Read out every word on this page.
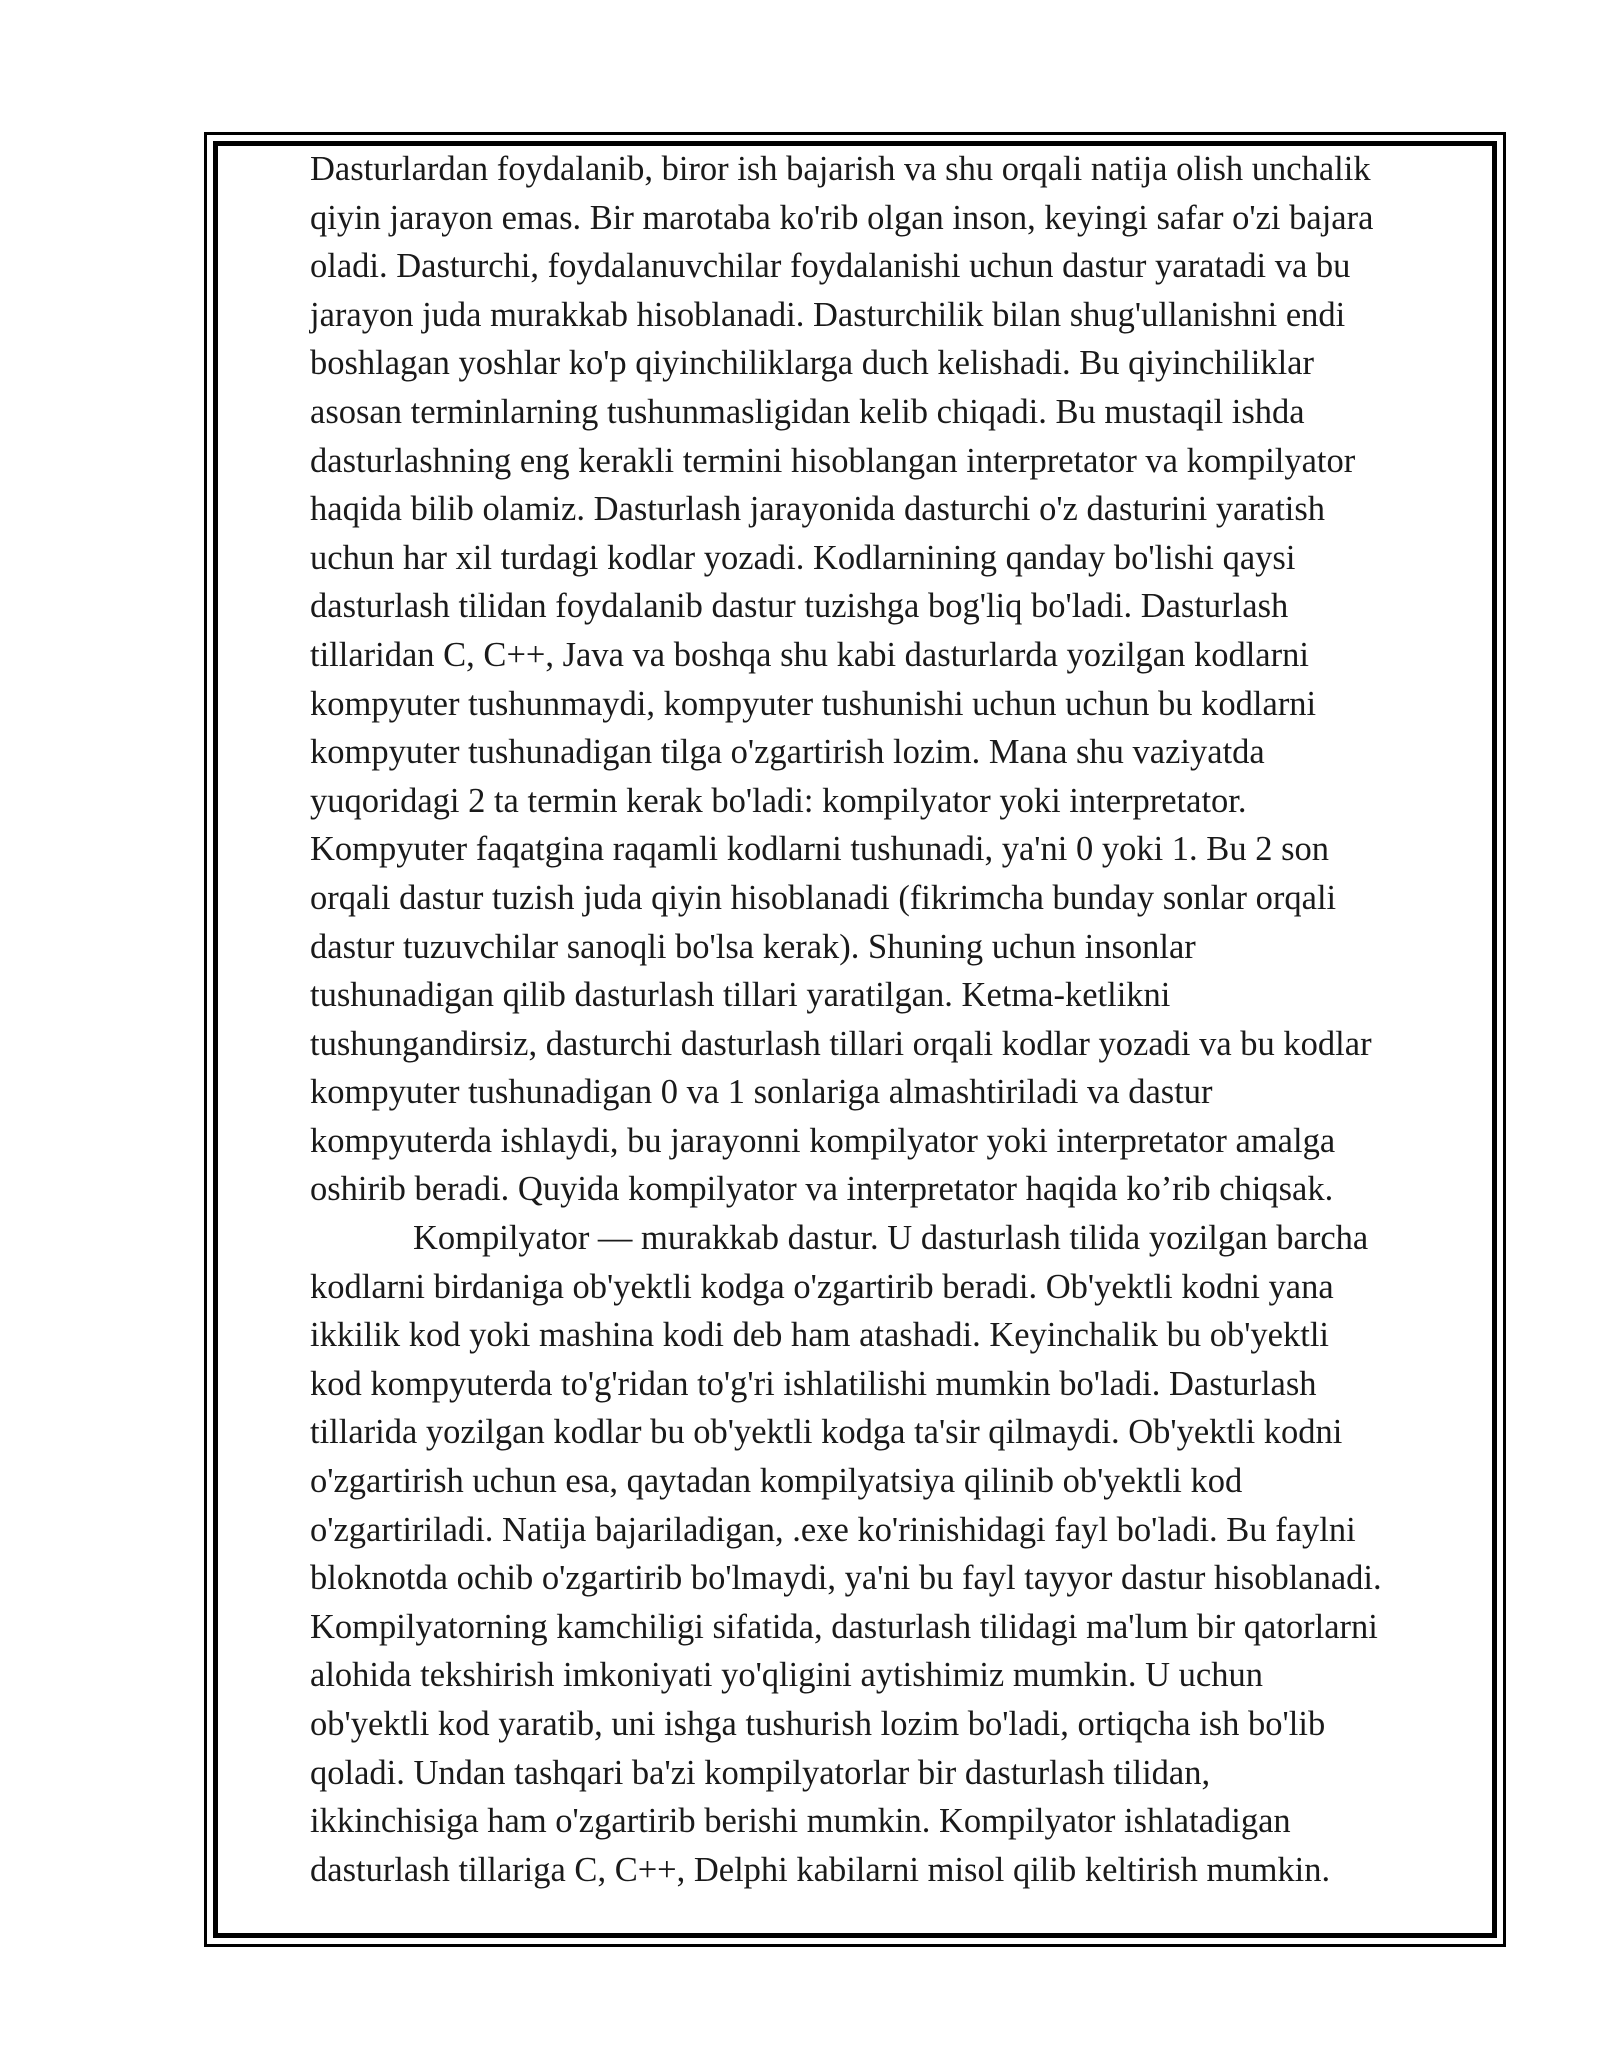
Dasturlardan foydalanib, biror ish bajarish va shu orqali natija olish unchalik
qiyin jarayon emas. Bir marotaba ko'rib olgan inson, keyingi safar o'zi bajara
oladi. Dasturchi, foydalanuvchilar foydalanishi uchun dastur yaratadi va bu
jarayon juda murakkab hisoblanadi. Dasturchilik bilan shug'ullanishni endi
boshlagan yoshlar ko'p qiyinchiliklarga duch kelishadi. Bu qiyinchiliklar
asosan terminlarning tushunmasligidan kelib chiqadi. Bu mustaqil ishda
dasturlashning eng kerakli termini hisoblangan interpretator va kompilyator
haqida bilib olamiz. Dasturlash jarayonida dasturchi o'z dasturini yaratish
uchun har xil turdagi kodlar yozadi. Kodlarnining qanday bo'lishi qaysi
dasturlash tilidan foydalanib dastur tuzishga bog'liq bo'ladi. Dasturlash
tillaridan C, C++, Java va boshqa shu kabi dasturlarda yozilgan kodlarni
kompyuter tushunmaydi, kompyuter tushunishi uchun uchun bu kodlarni
kompyuter tushunadigan tilga o'zgartirish lozim. Mana shu vaziyatda
yuqoridagi 2 ta termin kerak bo'ladi: kompilyator yoki interpretator.
Kompyuter faqatgina raqamli kodlarni tushunadi, ya'ni 0 yoki 1. Bu 2 son
orqali dastur tuzish juda qiyin hisoblanadi (fikrimcha bunday sonlar orqali
dastur tuzuvchilar sanoqli bo'lsa kerak). Shuning uchun insonlar
tushunadigan qilib dasturlash tillari yaratilgan. Ketma-ketlikni
tushungandirsiz, dasturchi dasturlash tillari orqali kodlar yozadi va bu kodlar
kompyuter tushunadigan 0 va 1 sonlariga almashtiriladi va dastur
kompyuterda ishlaydi, bu jarayonni kompilyator yoki interpretator amalga
oshirib beradi. Quyida kompilyator va interpretator haqida ko’rib chiqsak.
Kompilyator — murakkab dastur. U dasturlash tilida yozilgan barcha
kodlarni birdaniga ob'yektli kodga o'zgartirib beradi. Ob'yektli kodni yana
ikkilik kod yoki mashina kodi deb ham atashadi. Keyinchalik bu ob'yektli
kod kompyuterda to'g'ridan to'g'ri ishlatilishi mumkin bo'ladi. Dasturlash
tillarida yozilgan kodlar bu ob'yektli kodga ta'sir qilmaydi. Ob'yektli kodni
o'zgartirish uchun esa, qaytadan kompilyatsiya qilinib ob'yektli kod
o'zgartiriladi. Natija bajariladigan, .exe ko'rinishidagi fayl bo'ladi. Bu faylni
bloknotda ochib o'zgartirib bo'lmaydi, ya'ni bu fayl tayyor dastur hisoblanadi.
Kompilyatorning kamchiligi sifatida, dasturlash tilidagi ma'lum bir qatorlarni
alohida tekshirish imkoniyati yo'qligini aytishimiz mumkin. U uchun
ob'yektli kod yaratib, uni ishga tushurish lozim bo'ladi, ortiqcha ish bo'lib
qoladi. Undan tashqari ba'zi kompilyatorlar bir dasturlash tilidan,
ikkinchisiga ham o'zgartirib berishi mumkin. Kompilyator ishlatadigan
dasturlash tillariga C, C++, Delphi kabilarni misol qilib keltirish mumkin.
